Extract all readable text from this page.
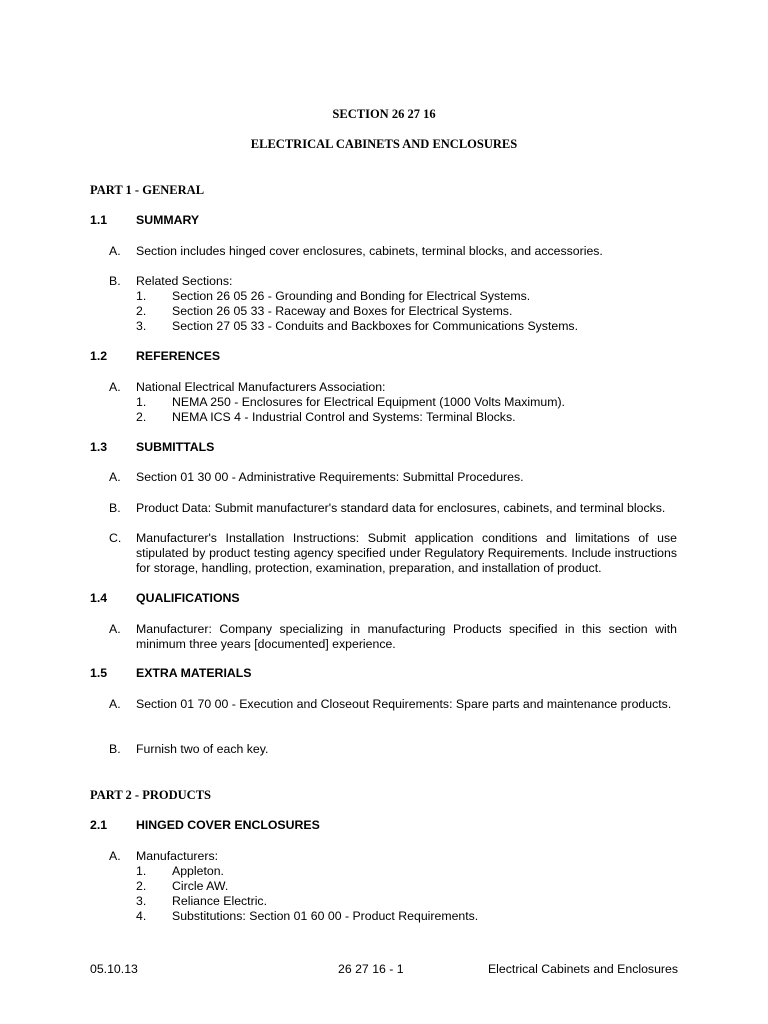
SECTION 26 27 16
ELECTRICAL CABINETS AND ENCLOSURES
PART 1 - GENERAL
1.1 SUMMARY
A. Section includes hinged cover enclosures, cabinets, terminal blocks, and accessories.
B. Related Sections:
1. Section 26 05 26 - Grounding and Bonding for Electrical Systems.
2. Section 26 05 33 - Raceway and Boxes for Electrical Systems.
3. Section 27 05 33 - Conduits and Backboxes for Communications Systems.
1.2 REFERENCES
A. National Electrical Manufacturers Association:
1. NEMA 250 - Enclosures for Electrical Equipment (1000 Volts Maximum).
2. NEMA ICS 4 - Industrial Control and Systems: Terminal Blocks.
1.3 SUBMITTALS
A. Section 01 30 00 - Administrative Requirements: Submittal Procedures.
B. Product Data: Submit manufacturer's standard data for enclosures, cabinets, and terminal blocks.
C. Manufacturer's Installation Instructions: Submit application conditions and limitations of use stipulated by product testing agency specified under Regulatory Requirements. Include instructions for storage, handling, protection, examination, preparation, and installation of product.
1.4 QUALIFICATIONS
A. Manufacturer: Company specializing in manufacturing Products specified in this section with minimum three years [documented] experience.
1.5 EXTRA MATERIALS
A. Section 01 70 00 - Execution and Closeout Requirements: Spare parts and maintenance products.
B. Furnish two of each key.
PART 2 - PRODUCTS
2.1 HINGED COVER ENCLOSURES
A. Manufacturers:
1. Appleton.
2. Circle AW.
3. Reliance Electric.
4. Substitutions: Section 01 60 00 - Product Requirements.
05.10.13	26 27 16 - 1	Electrical Cabinets and Enclosures
